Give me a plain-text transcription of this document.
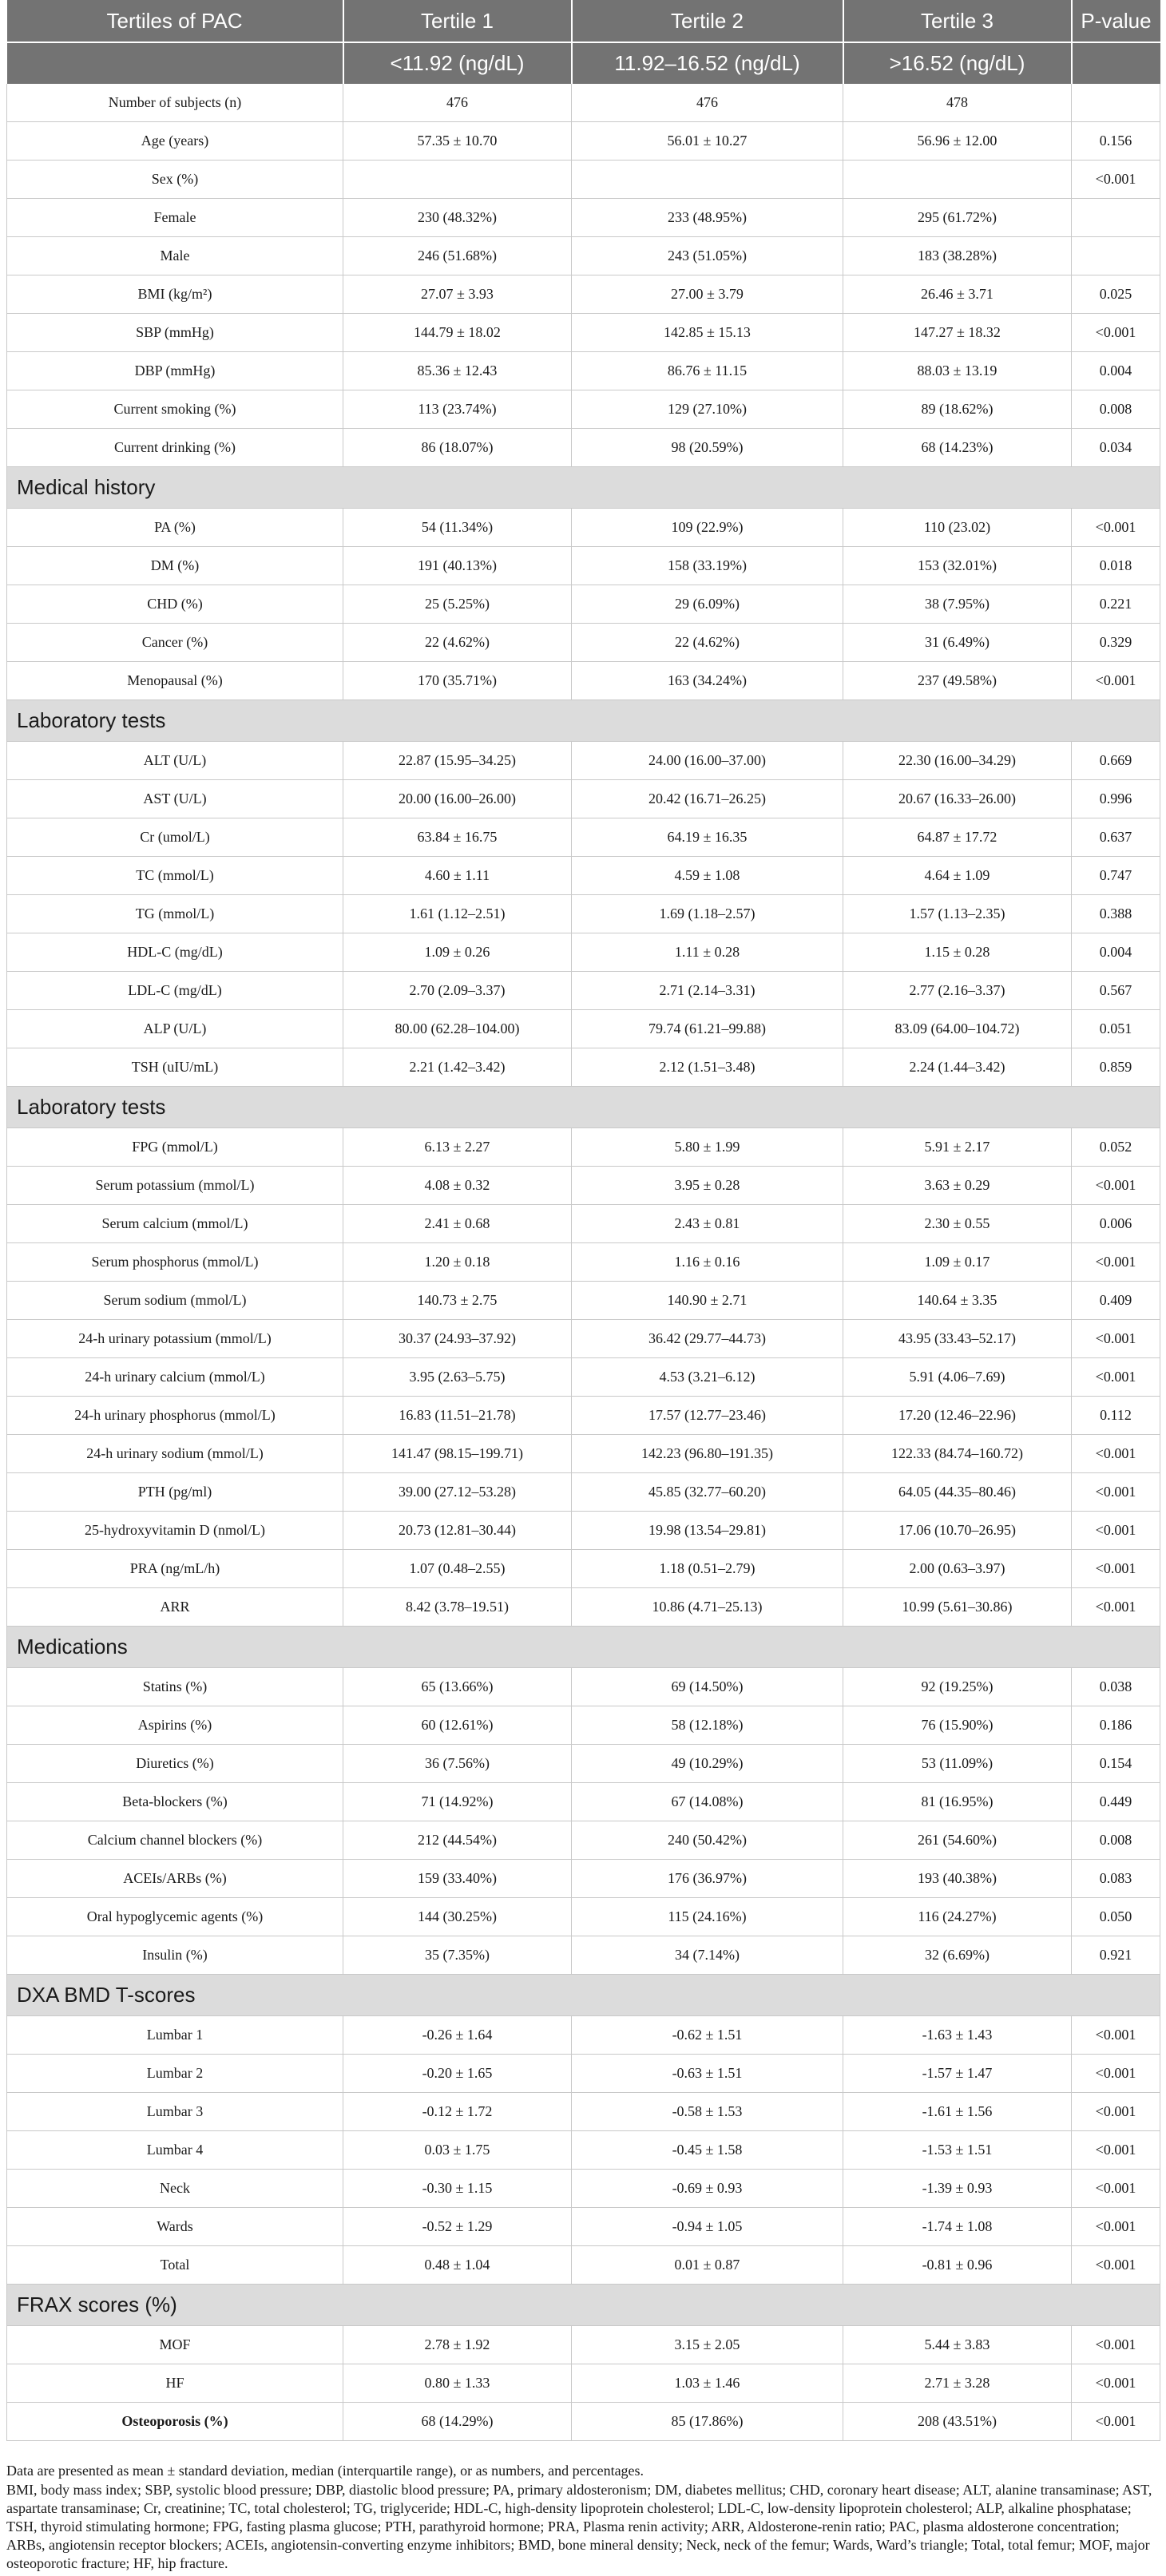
Tertiles of PAC	Tertile 1	Tertile 2	Tertile 3	P-value
	<11.92 (ng/dL)	11.92–16.52 (ng/dL)	>16.52 (ng/dL)	
Number of subjects (n)	476	476	478	
Age (years)	57.35 ± 10.70	56.01 ± 10.27	56.96 ± 12.00	0.156
Sex (%)				<0.001
Female	230 (48.32%)	233 (48.95%)	295 (61.72%)	
Male	246 (51.68%)	243 (51.05%)	183 (38.28%)	
BMI (kg/m²)	27.07 ± 3.93	27.00 ± 3.79	26.46 ± 3.71	0.025
SBP (mmHg)	144.79 ± 18.02	142.85 ± 15.13	147.27 ± 18.32	<0.001
DBP (mmHg)	85.36 ± 12.43	86.76 ± 11.15	88.03 ± 13.19	0.004
Current smoking (%)	113 (23.74%)	129 (27.10%)	89 (18.62%)	0.008
Current drinking (%)	86 (18.07%)	98 (20.59%)	68 (14.23%)	0.034
Medical history				
PA (%)	54 (11.34%)	109 (22.9%)	110 (23.02)	<0.001
DM (%)	191 (40.13%)	158 (33.19%)	153 (32.01%)	0.018
CHD (%)	25 (5.25%)	29 (6.09%)	38 (7.95%)	0.221
Cancer (%)	22 (4.62%)	22 (4.62%)	31 (6.49%)	0.329
Menopausal (%)	170 (35.71%)	163 (34.24%)	237 (49.58%)	<0.001
Laboratory tests				
ALT (U/L)	22.87 (15.95–34.25)	24.00 (16.00–37.00)	22.30 (16.00–34.29)	0.669
AST (U/L)	20.00 (16.00–26.00)	20.42 (16.71–26.25)	20.67 (16.33–26.00)	0.996
Cr (umol/L)	63.84 ± 16.75	64.19 ± 16.35	64.87 ± 17.72	0.637
TC (mmol/L)	4.60 ± 1.11	4.59 ± 1.08	4.64 ± 1.09	0.747
TG (mmol/L)	1.61 (1.12–2.51)	1.69 (1.18–2.57)	1.57 (1.13–2.35)	0.388
HDL-C (mg/dL)	1.09 ± 0.26	1.11 ± 0.28	1.15 ± 0.28	0.004
LDL-C (mg/dL)	2.70 (2.09–3.37)	2.71 (2.14–3.31)	2.77 (2.16–3.37)	0.567
ALP (U/L)	80.00 (62.28–104.00)	79.74 (61.21–99.88)	83.09 (64.00–104.72)	0.051
TSH (uIU/mL)	2.21 (1.42–3.42)	2.12 (1.51–3.48)	2.24 (1.44–3.42)	0.859
Laboratory tests				
FPG (mmol/L)	6.13 ± 2.27	5.80 ± 1.99	5.91 ± 2.17	0.052
Serum potassium (mmol/L)	4.08 ± 0.32	3.95 ± 0.28	3.63 ± 0.29	<0.001
Serum calcium (mmol/L)	2.41 ± 0.68	2.43 ± 0.81	2.30 ± 0.55	0.006
Serum phosphorus (mmol/L)	1.20 ± 0.18	1.16 ± 0.16	1.09 ± 0.17	<0.001
Serum sodium (mmol/L)	140.73 ± 2.75	140.90 ± 2.71	140.64 ± 3.35	0.409
24-h urinary potassium (mmol/L)	30.37 (24.93–37.92)	36.42 (29.77–44.73)	43.95 (33.43–52.17)	<0.001
24-h urinary calcium (mmol/L)	3.95 (2.63–5.75)	4.53 (3.21–6.12)	5.91 (4.06–7.69)	<0.001
24-h urinary phosphorus (mmol/L)	16.83 (11.51–21.78)	17.57 (12.77–23.46)	17.20 (12.46–22.96)	0.112
24-h urinary sodium (mmol/L)	141.47 (98.15–199.71)	142.23 (96.80–191.35)	122.33 (84.74–160.72)	<0.001
PTH (pg/ml)	39.00 (27.12–53.28)	45.85 (32.77–60.20)	64.05 (44.35–80.46)	<0.001
25-hydroxyvitamin D (nmol/L)	20.73 (12.81–30.44)	19.98 (13.54–29.81)	17.06 (10.70–26.95)	<0.001
PRA (ng/mL/h)	1.07 (0.48–2.55)	1.18 (0.51–2.79)	2.00 (0.63–3.97)	<0.001
ARR	8.42 (3.78–19.51)	10.86 (4.71–25.13)	10.99 (5.61–30.86)	<0.001
Medications				
Statins (%)	65 (13.66%)	69 (14.50%)	92 (19.25%)	0.038
Aspirins (%)	60 (12.61%)	58 (12.18%)	76 (15.90%)	0.186
Diuretics (%)	36 (7.56%)	49 (10.29%)	53 (11.09%)	0.154
Beta-blockers (%)	71 (14.92%)	67 (14.08%)	81 (16.95%)	0.449
Calcium channel blockers (%)	212 (44.54%)	240 (50.42%)	261 (54.60%)	0.008
ACEIs/ARBs (%)	159 (33.40%)	176 (36.97%)	193 (40.38%)	0.083
Oral hypoglycemic agents (%)	144 (30.25%)	115 (24.16%)	116 (24.27%)	0.050
Insulin (%)	35 (7.35%)	34 (7.14%)	32 (6.69%)	0.921
DXA BMD T-scores				
Lumbar 1	-0.26 ± 1.64	-0.62 ± 1.51	-1.63 ± 1.43	<0.001
Lumbar 2	-0.20 ± 1.65	-0.63 ± 1.51	-1.57 ± 1.47	<0.001
Lumbar 3	-0.12 ± 1.72	-0.58 ± 1.53	-1.61 ± 1.56	<0.001
Lumbar 4	0.03 ± 1.75	-0.45 ± 1.58	-1.53 ± 1.51	<0.001
Neck	-0.30 ± 1.15	-0.69 ± 0.93	-1.39 ± 0.93	<0.001
Wards	-0.52 ± 1.29	-0.94 ± 1.05	-1.74 ± 1.08	<0.001
Total	0.48 ± 1.04	0.01 ± 0.87	-0.81 ± 0.96	<0.001
FRAX scores (%)				
MOF	2.78 ± 1.92	3.15 ± 2.05	5.44 ± 3.83	<0.001
HF	0.80 ± 1.33	1.03 ± 1.46	2.71 ± 3.28	<0.001
Osteoporosis (%)	68 (14.29%)	85 (17.86%)	208 (43.51%)	<0.001

Data are presented as mean ± standard deviation, median (interquartile range), or as numbers, and percentages.

BMI, body mass index; SBP, systolic blood pressure; DBP, diastolic blood pressure; PA, primary aldosteronism; DM, diabetes mellitus; CHD, coronary heart disease; ALT, alanine transaminase; AST, aspartate transaminase; Cr, creatinine; TC, total cholesterol; TG, triglyceride; HDL-C, high-density lipoprotein cholesterol; LDL-C, low-density lipoprotein cholesterol; ALP, alkaline phosphatase; TSH, thyroid stimulating hormone; FPG, fasting plasma glucose; PTH, parathyroid hormone; PRA, Plasma renin activity; ARR, Aldosterone-renin ratio; PAC, plasma aldosterone concentration; ARBs, angiotensin receptor blockers; ACEIs, angiotensin-converting enzyme inhibitors; BMD, bone mineral density; Neck, neck of the femur; Wards, Ward’s triangle; Total, total femur; MOF, major osteoporotic fracture; HF, hip fracture.
